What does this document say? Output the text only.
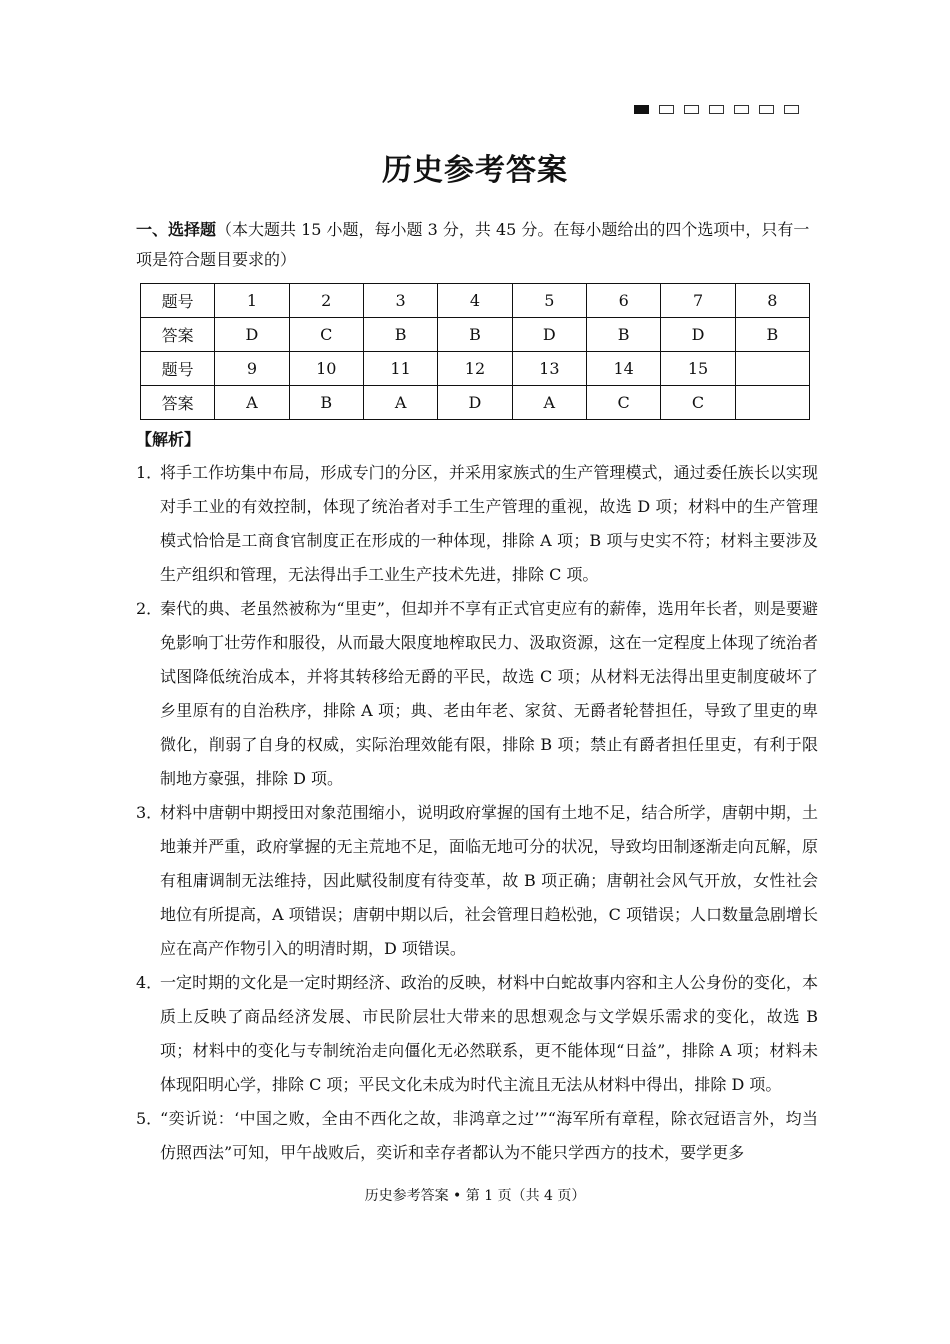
历史参考答案
一、选择题（本大题共 15 小题，每小题 3 分，共 45 分。在每小题给出的四个选项中，只有一项是符合题目要求的）
题号	1	2	3	4	5	6	7	8
答案	D	C	B	B	D	B	D	B
题号	9	10	11	12	13	14	15	
答案	A	B	A	D	A	C	C	
【解析】
1．
将手工作坊集中布局，形成专门的分区，并采用家族式的生产管理模式，通过委任族长以实现对手工业的有效控制，体现了统治者对手工生产管理的重视，故选 D 项；材料中的生产管理模式恰恰是工商食官制度正在形成的一种体现，排除 A 项；B 项与史实不符；材料主要涉及生产组织和管理，无法得出手工业生产技术先进，排除 C 项。
2．
秦代的典、老虽然被称为“里吏”，但却并不享有正式官吏应有的薪俸，选用年长者，则是要避免影响丁壮劳作和服役，从而最大限度地榨取民力、汲取资源，这在一定程度上体现了统治者试图降低统治成本，并将其转移给无爵的平民，故选 C 项；从材料无法得出里吏制度破坏了乡里原有的自治秩序，排除 A 项；典、老由年老、家贫、无爵者轮替担任，导致了里吏的卑微化，削弱了自身的权威，实际治理效能有限，排除 B 项；禁止有爵者担任里吏，有利于限制地方豪强，排除 D 项。
3．
材料中唐朝中期授田对象范围缩小，说明政府掌握的国有土地不足，结合所学，唐朝中期，土地兼并严重，政府掌握的无主荒地不足，面临无地可分的状况，导致均田制逐渐走向瓦解，原有租庸调制无法维持，因此赋役制度有待变革，故 B 项正确；唐朝社会风气开放，女性社会地位有所提高，A 项错误；唐朝中期以后，社会管理日趋松弛，C 项错误；人口数量急剧增长应在高产作物引入的明清时期，D 项错误。
4．
一定时期的文化是一定时期经济、政治的反映，材料中白蛇故事内容和主人公身份的变化，本质上反映了商品经济发展、市民阶层壮大带来的思想观念与文学娱乐需求的变化，故选 B 项；材料中的变化与专制统治走向僵化无必然联系，更不能体现“日益”，排除 A 项；材料未体现阳明心学，排除 C 项；平民文化未成为时代主流且无法从材料中得出，排除 D 项。
5．
“奕䜣说：‘中国之败，全由不西化之故，非鸿章之过’”“海军所有章程，除衣冠语言外，均当仿照西法”可知，甲午战败后，奕䜣和幸存者都认为不能只学西方的技术，要学更多
历史参考答案 • 第 1 页（共 4 页）
